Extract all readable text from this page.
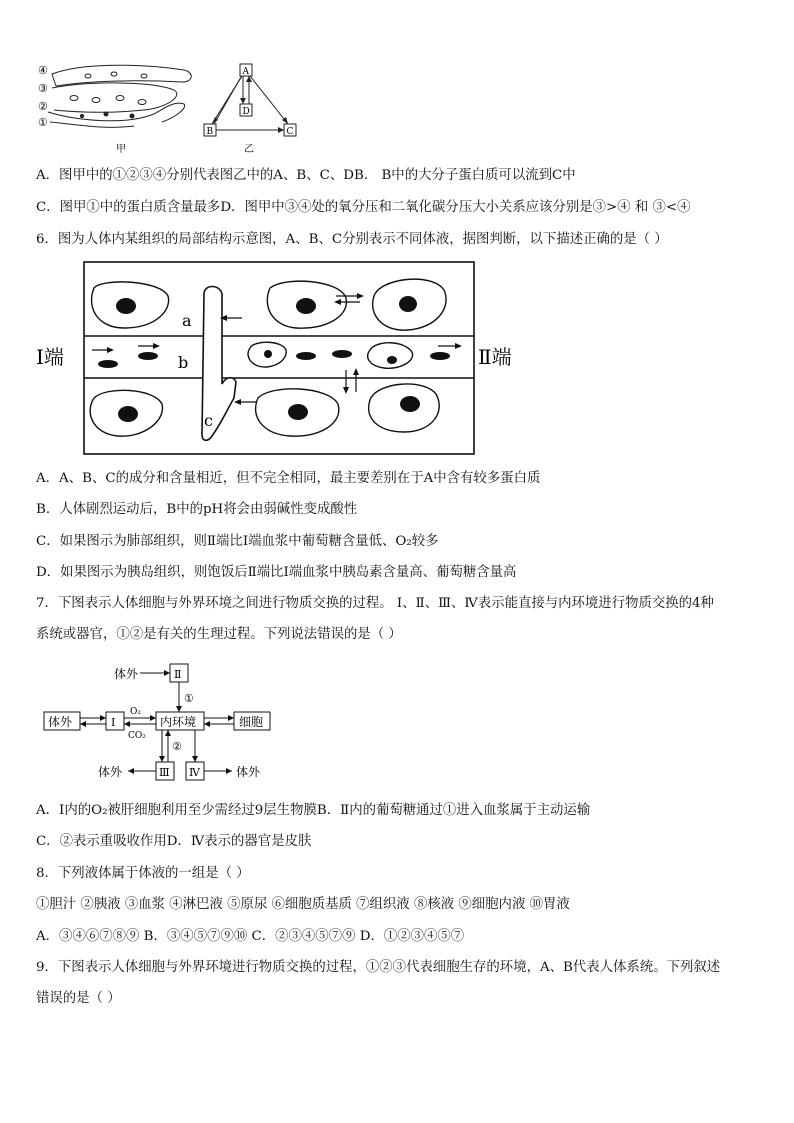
④
③
②
①
甲
A
D
B	C
乙
A．图甲中的①②③④分别代表图乙中的A、B、C、DB． B中的大分子蛋白质可以流到C中
C．图甲①中的蛋白质含量最多D．图甲中③④处的氧分压和二氧化碳分压大小关系应该分别是③>④ 和 ③<④
6．图为人体内某组织的局部结构示意图，A、B、C分别表示不同体液，据图判断，以下描述正确的是（ ）
a
b
c
Ⅰ端	Ⅱ端
A．A、B、C的成分和含量相近，但不完全相同，最主要差别在于A中含有较多蛋白质
B．人体剧烈运动后，B中的pH将会由弱碱性变成酸性
C．如果图示为肺部组织，则Ⅱ端比Ⅰ端血浆中葡萄糖含量低、O₂较多
D．如果图示为胰岛组织，则饱饭后Ⅱ端比Ⅰ端血浆中胰岛素含量高、葡萄糖含量高
7．下图表示人体细胞与外界环境之间进行物质交换的过程。 Ⅰ、Ⅱ、Ⅲ、Ⅳ表示能直接与内环境进行物质交换的4种
系统或器官，①②是有关的生理过程。下列说法错误的是（ ）
体外	Ⅱ
①
体外	Ⅰ
O₂
CO₂
内环境	细胞
②
Ⅲ Ⅳ
体外	体外
A．Ⅰ内的O₂被肝细胞利用至少需经过9层生物膜B．Ⅱ内的葡萄糖通过①进入血浆属于主动运输
C．②表示重吸收作用D．Ⅳ表示的器官是皮肤
8．下列液体属于体液的一组是（ ）
①胆汁 ②胰液 ③血浆 ④淋巴液 ⑤原尿 ⑥细胞质基质 ⑦组织液 ⑧核液 ⑨细胞内液 ⑩胃液
A．③④⑥⑦⑧⑨ B．③④⑤⑦⑨⑩ C．②③④⑤⑦⑨ D．①②③④⑤⑦
9．下图表示人体细胞与外界环境进行物质交换的过程，①②③代表细胞生存的环境，A、B代表人体系统。下列叙述
错误的是（ ）
